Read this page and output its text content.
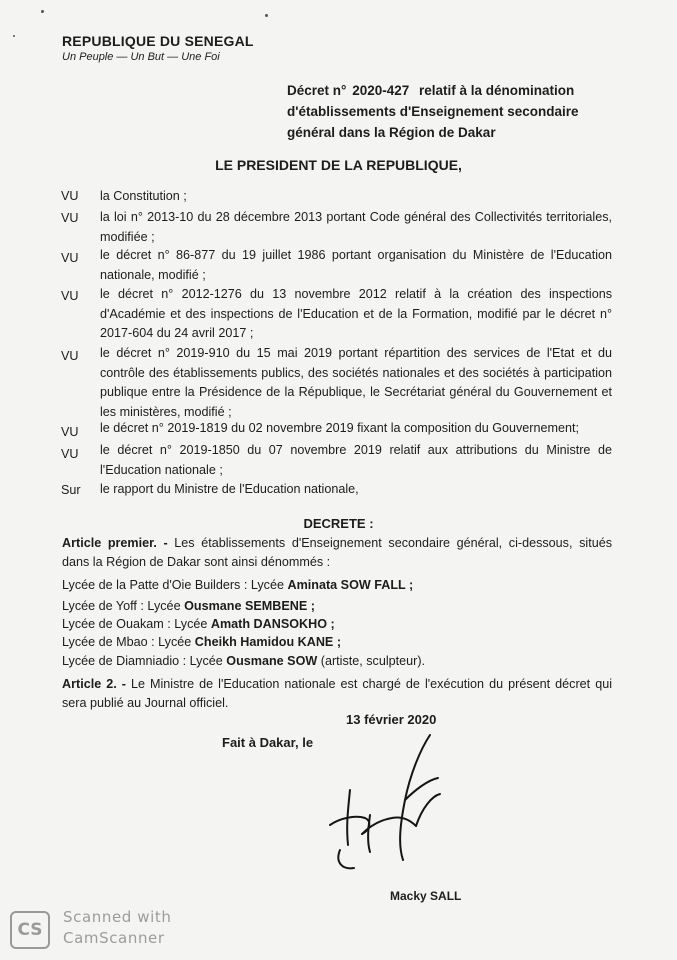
REPUBLIQUE DU SENEGAL
Un Peuple — Un But — Une Foi
Décret n° 2020-427 relatif à la dénomination
d'établissements d'Enseignement secondaire
général dans la Région de Dakar
LE PRESIDENT DE LA REPUBLIQUE,
VU la Constitution ;
VU la loi n° 2013-10 du 28 décembre 2013 portant Code général des Collectivités territoriales, modifiée ;
VU le décret n° 86-877 du 19 juillet 1986 portant organisation du Ministère de l'Education nationale, modifié ;
VU le décret n° 2012-1276 du 13 novembre 2012 relatif à la création des inspections d'Académie et des inspections de l'Education et de la Formation, modifié par le décret n° 2017-604 du 24 avril 2017 ;
VU le décret n° 2019-910 du 15 mai 2019 portant répartition des services de l'Etat et du contrôle des établissements publics, des sociétés nationales et des sociétés à participation publique entre la Présidence de la République, le Secrétariat général du Gouvernement et les ministères, modifié ;
VU le décret n° 2019-1819 du 02 novembre 2019 fixant la composition du Gouvernement;
VU le décret n° 2019-1850 du 07 novembre 2019 relatif aux attributions du Ministre de l'Education nationale ;
Sur le rapport du Ministre de l'Education nationale,
DECRETE :
Article premier. - Les établissements d'Enseignement secondaire général, ci-dessous, situés dans la Région de Dakar sont ainsi dénommés :
Lycée de la Patte d'Oie Builders : Lycée Aminata SOW FALL ;
Lycée de Yoff : Lycée Ousmane SEMBENE ;
Lycée de Ouakam : Lycée Amath DANSOKHO ;
Lycée de Mbao : Lycée Cheikh Hamidou KANE ;
Lycée de Diamniadio : Lycée Ousmane SOW (artiste, sculpteur).
Article 2. - Le Ministre de l'Education nationale est chargé de l'exécution du présent décret qui sera publié au Journal officiel.
13 février 2020
Fait à Dakar, le
Macky SALL
CS
Scanned with
CamScanner
